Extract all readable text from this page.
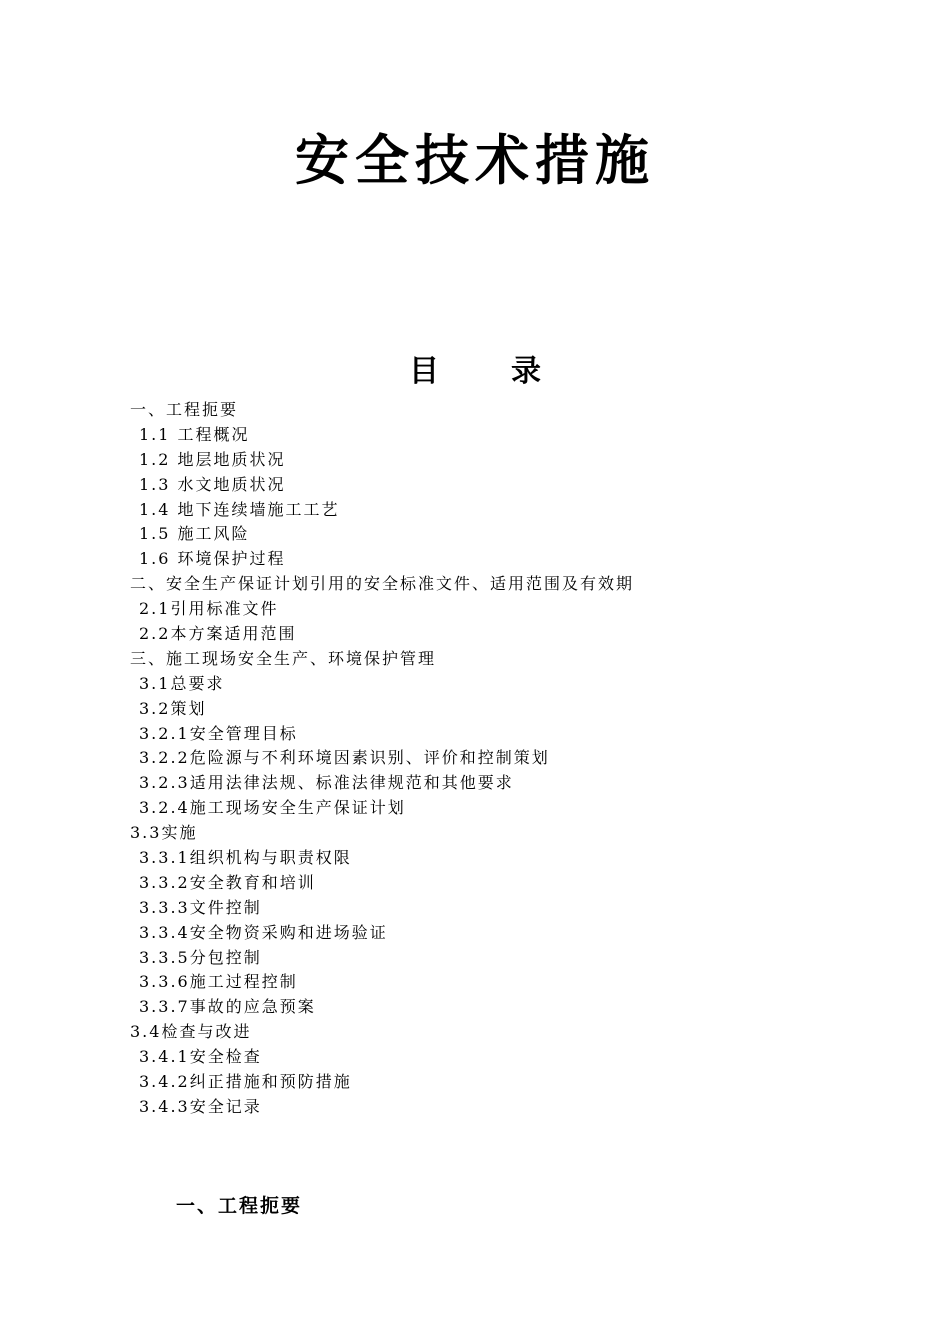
安全技术措施
目 录
一、工程扼要
1.1 工程概况
1.2 地层地质状况
1.3 水文地质状况
1.4 地下连续墙施工工艺
1.5 施工风险
1.6 环境保护过程
二、安全生产保证计划引用的安全标准文件、适用范围及有效期
2.1引用标准文件
2.2本方案适用范围
三、施工现场安全生产、环境保护管理
3.1总要求
3.2策划
3.2.1安全管理目标
3.2.2危险源与不利环境因素识别、评价和控制策划
3.2.3适用法律法规、标准法律规范和其他要求
3.2.4施工现场安全生产保证计划
3.3实施
3.3.1组织机构与职责权限
3.3.2安全教育和培训
3.3.3文件控制
3.3.4安全物资采购和进场验证
3.3.5分包控制
3.3.6施工过程控制
3.3.7事故的应急预案
3.4检查与改进
3.4.1安全检查
3.4.2纠正措施和预防措施
3.4.3安全记录
一、工程扼要
